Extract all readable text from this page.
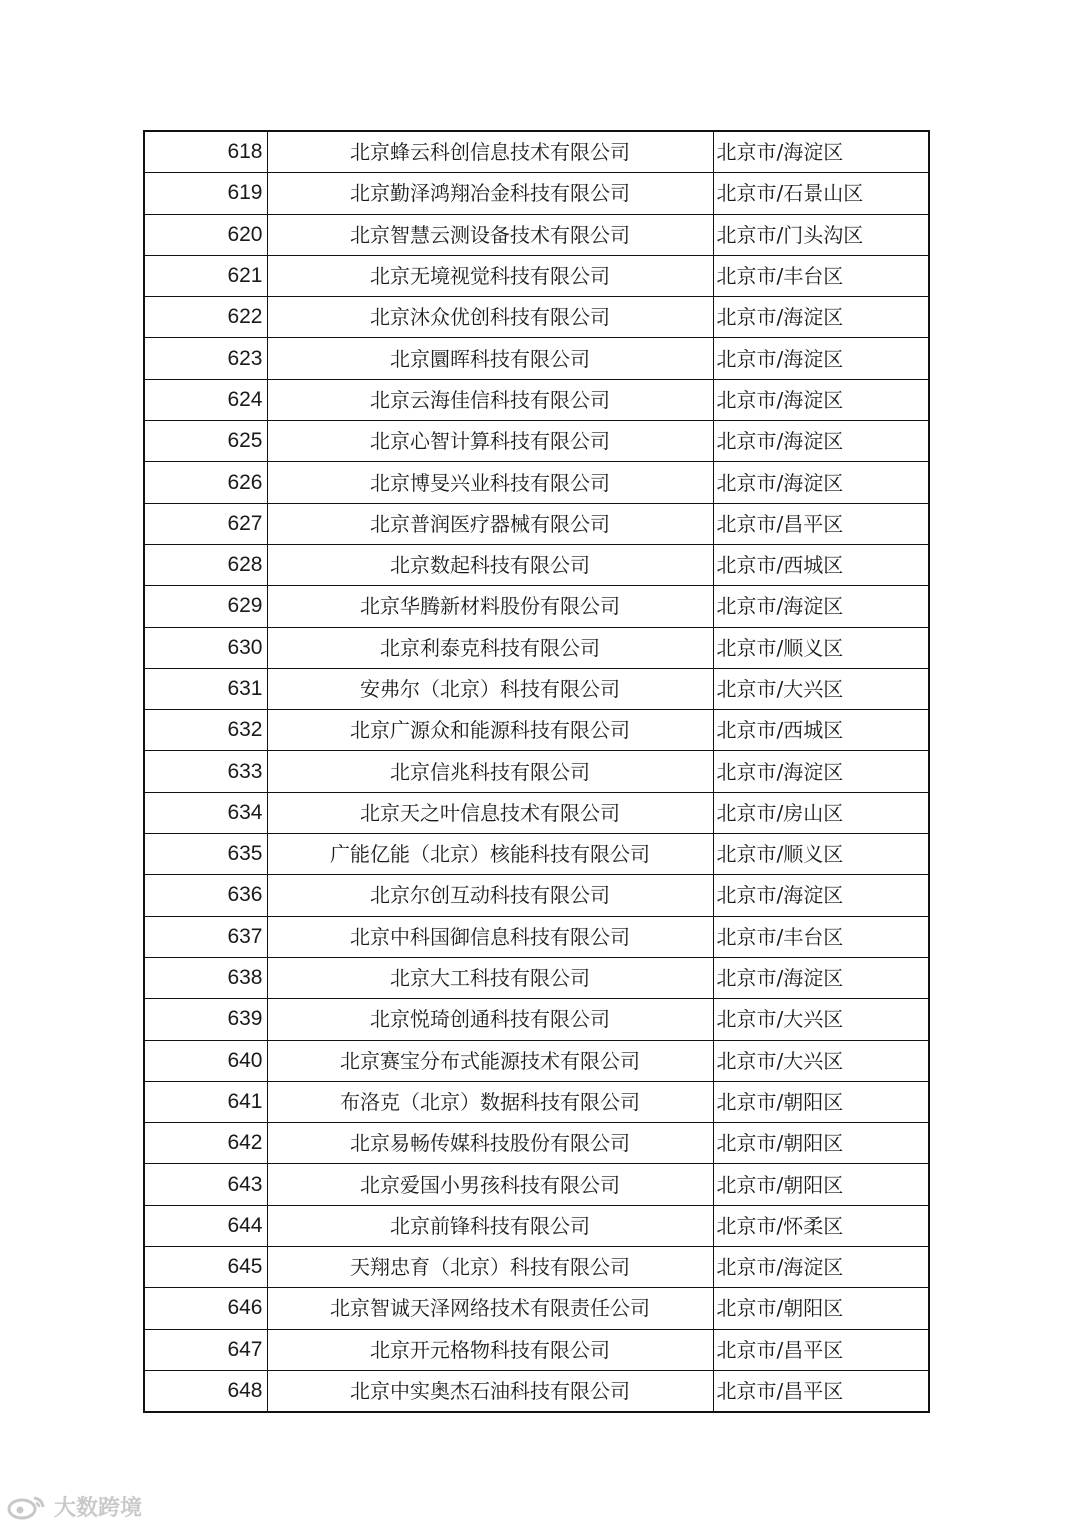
618	北京蜂云科创信息技术有限公司	北京市/海淀区
619	北京勤泽鸿翔冶金科技有限公司	北京市/石景山区
620	北京智慧云测设备技术有限公司	北京市/门头沟区
621	北京无境视觉科技有限公司	北京市/丰台区
622	北京沐众优创科技有限公司	北京市/海淀区
623	北京圜晖科技有限公司	北京市/海淀区
624	北京云海佳信科技有限公司	北京市/海淀区
625	北京心智计算科技有限公司	北京市/海淀区
626	北京博旻兴业科技有限公司	北京市/海淀区
627	北京普润医疗器械有限公司	北京市/昌平区
628	北京数起科技有限公司	北京市/西城区
629	北京华腾新材料股份有限公司	北京市/海淀区
630	北京利泰克科技有限公司	北京市/顺义区
631	安弗尔（北京）科技有限公司	北京市/大兴区
632	北京广源众和能源科技有限公司	北京市/西城区
633	北京信兆科技有限公司	北京市/海淀区
634	北京天之叶信息技术有限公司	北京市/房山区
635	广能亿能（北京）核能科技有限公司	北京市/顺义区
636	北京尔创互动科技有限公司	北京市/海淀区
637	北京中科国御信息科技有限公司	北京市/丰台区
638	北京大工科技有限公司	北京市/海淀区
639	北京悦琦创通科技有限公司	北京市/大兴区
640	北京赛宝分布式能源技术有限公司	北京市/大兴区
641	布洛克（北京）数据科技有限公司	北京市/朝阳区
642	北京易畅传媒科技股份有限公司	北京市/朝阳区
643	北京爱国小男孩科技有限公司	北京市/朝阳区
644	北京前锋科技有限公司	北京市/怀柔区
645	天翔忠育（北京）科技有限公司	北京市/海淀区
646	北京智诚天泽网络技术有限责任公司	北京市/朝阳区
647	北京开元格物科技有限公司	北京市/昌平区
648	北京中实奥杰石油科技有限公司	北京市/昌平区
大数跨境
